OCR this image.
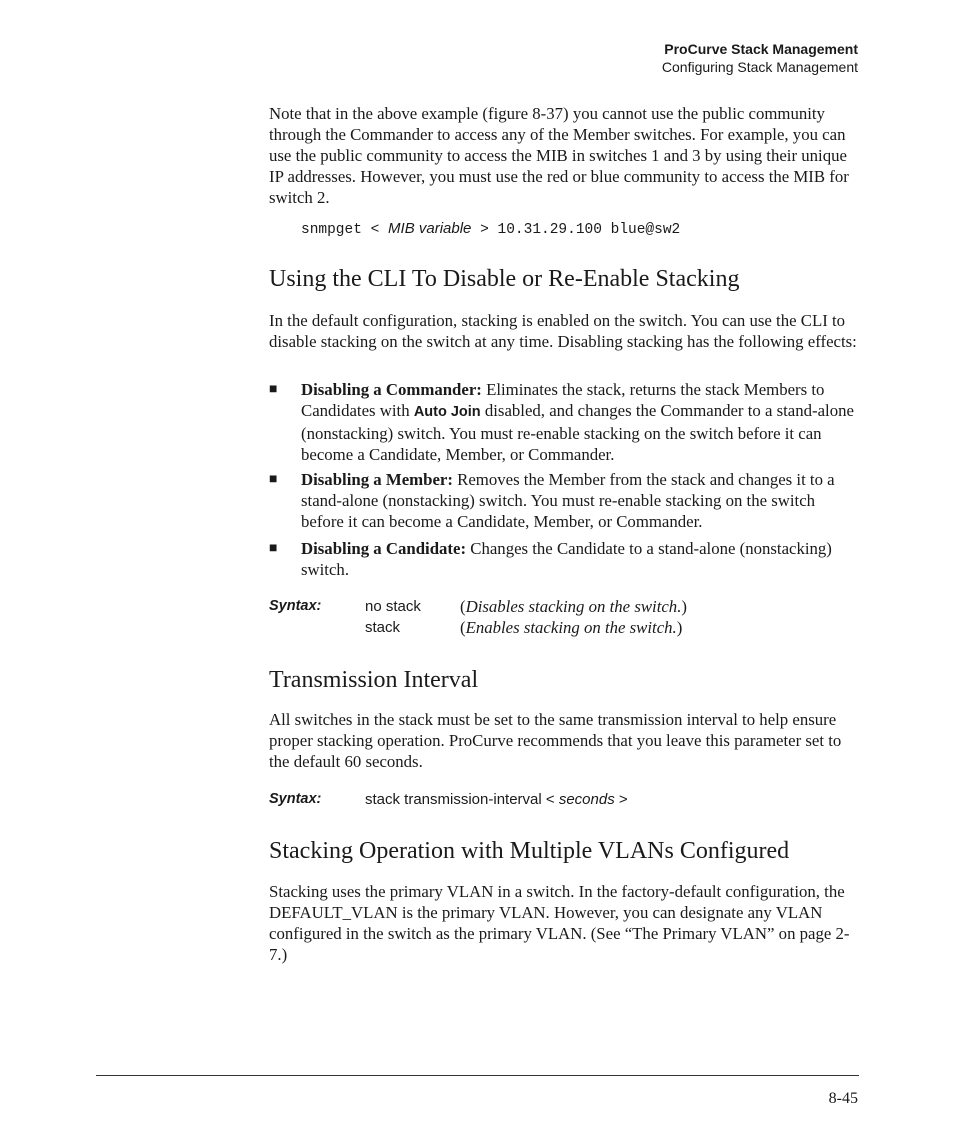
ProCurve Stack Management
Configuring Stack Management

Note that in the above example (figure 8-37) you cannot use the public community through the Commander to access any of the Member switches. For example, you can use the public community to access the MIB in switches 1 and 3 by using their unique IP addresses. However, you must use the red or blue community to access the MIB for switch 2.

snmpget < MIB variable > 10.31.29.100 blue@sw2
Using the CLI To Disable or Re-Enable Stacking

In the default configuration, stacking is enabled on the switch. You can use the CLI to disable stacking on the switch at any time. Disabling stacking has the following effects:

■ Disabling a Commander: Eliminates the stack, returns the stack Members to Candidates with Auto Join disabled, and changes the Commander to a stand-alone (nonstacking) switch. You must re-enable stacking on the switch before it can become a Candidate, Member, or Commander.
■ Disabling a Member: Removes the Member from the stack and changes it to a stand-alone (nonstacking) switch. You must re-enable stacking on the switch before it can become a Candidate, Member, or Commander.
■ Disabling a Candidate: Changes the Candidate to a stand-alone (nonstacking) switch.
Syntax:	no stack (Disables stacking on the switch.)
stack	(Enables stacking on the switch.)
Transmission Interval

All switches in the stack must be set to the same transmission interval to help ensure proper stacking operation. ProCurve recommends that you leave this parameter set to the default 60 seconds.

Syntax:	stack transmission-interval < seconds >
Stacking Operation with Multiple VLANs Configured

Stacking uses the primary VLAN in a switch. In the factory-default configuration, the DEFAULT_VLAN is the primary VLAN. However, you can designate any VLAN configured in the switch as the primary VLAN. (See “The Primary VLAN” on page 2-7.)

8-45
